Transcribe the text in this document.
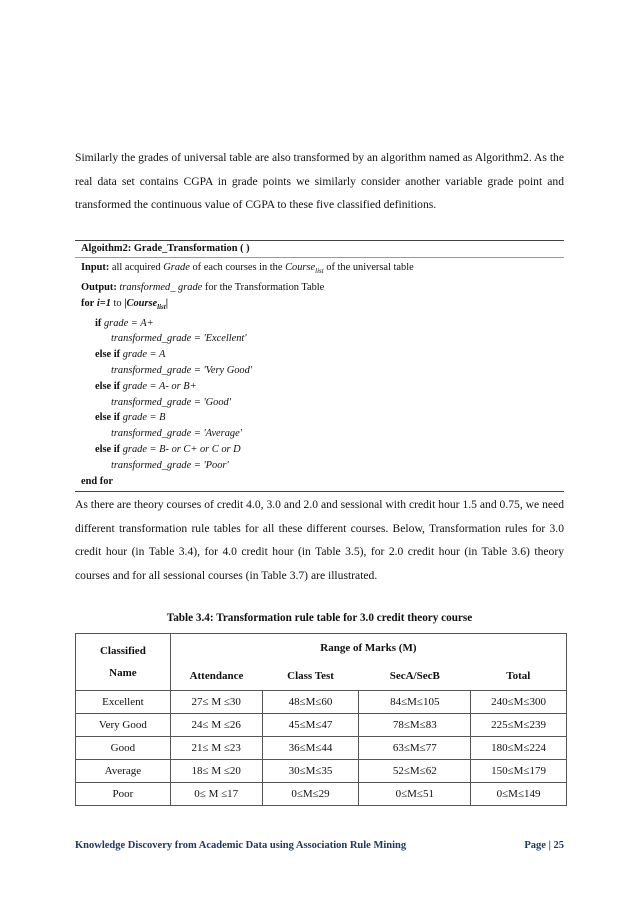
Similarly the grades of universal table are also transformed by an algorithm named as Algorithm2. As the real data set contains CGPA in grade points we similarly consider another variable grade point and transformed the continuous value of CGPA to these five classified definitions.

Algoithm2: Grade_Transformation ( )
Input: all acquired Grade of each courses in the Course$_{list}$ of the universal table
Output: transformed_ grade for the Transformation Table
for i=1 to |Course$_{list}$|
if grade = A+
transformed_grade = 'Excellent'
else if grade = A
transformed_grade = 'Very Good'
else if grade = A- or B+
transformed_grade = 'Good'
else if grade = B
transformed_grade = 'Average'
else if grade = B- or C+ or C or D
transformed_grade = 'Poor'
end for

As there are theory courses of credit 4.0, 3.0 and 2.0 and sessional with credit hour 1.5 and 0.75, we need different transformation rule tables for all these different courses. Below, Transformation rules for 3.0 credit hour (in Table 3.4), for 4.0 credit hour (in Table 3.5), for 2.0 credit hour (in Table 3.6) theory courses and for all sessional courses (in Table 3.7) are illustrated.

Table 3.4: Transformation rule table for 3.0 credit theory course
Classified
Name	Range of Marks (M)			
	Attendance	Class Test	SecA/SecB	Total
Excellent	27≤ M ≤30	48≤M≤60	84≤M≤105	240≤M≤300
Very Good	24≤ M ≤26	45≤M≤47	78≤M≤83	225≤M≤239
Good	21≤ M ≤23	36≤M≤44	63≤M≤77	180≤M≤224
Average	18≤ M ≤20	30≤M≤35	52≤M≤62	150≤M≤179
Poor	0≤ M ≤17	0≤M≤29	0≤M≤51	0≤M≤149
Knowledge Discovery from Academic Data using Association Rule Mining	Page | 25
